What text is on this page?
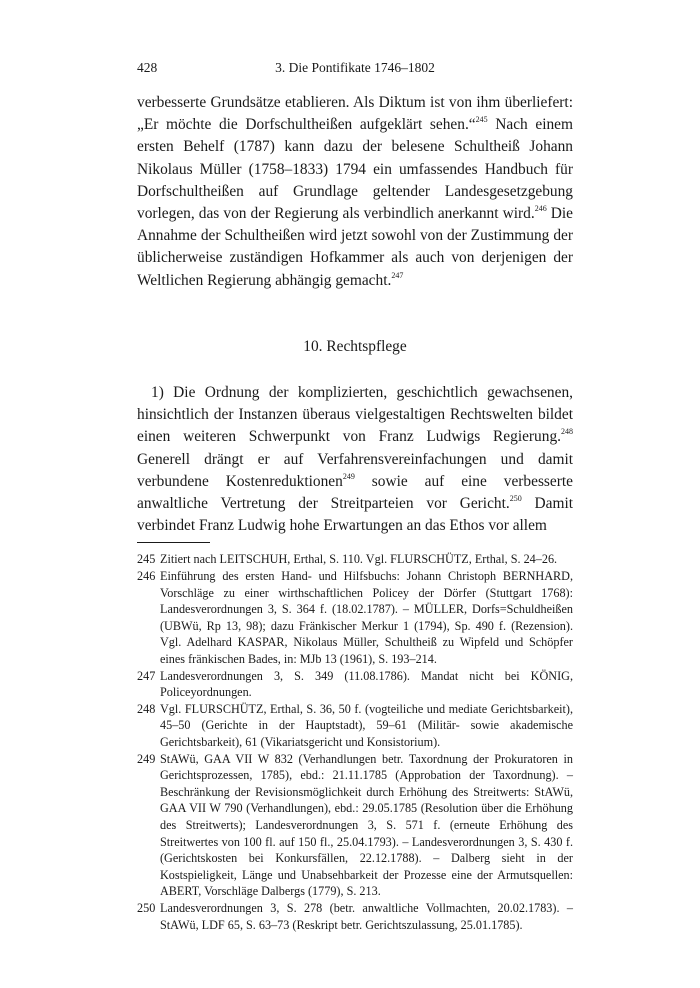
428	3. Die Pontifikate 1746–1802

verbesserte Grundsätze etablieren. Als Diktum ist von ihm überliefert: „Er möchte die Dorfschultheißen aufgeklärt sehen.“$^{245}$ Nach einem ersten Behelf (1787) kann dazu der belesene Schultheiß Johann Nikolaus Müller (1758–1833) 1794 ein umfassendes Handbuch für Dorfschultheißen auf Grundlage geltender Landesgesetzgebung vorlegen, das von der Regierung als verbindlich anerkannt wird.$^{246}$ Die Annahme der Schultheißen wird jetzt sowohl von der Zustimmung der üblicherweise zuständigen Hofkammer als auch von derjenigen der Weltlichen Regierung abhängig gemacht.$^{247}$

10. Rechtspflege

1) Die Ordnung der komplizierten, geschichtlich gewachsenen, hinsichtlich der Instanzen überaus vielgestaltigen Rechtswelten bildet einen weiteren Schwerpunkt von Franz Ludwigs Regierung.$^{248}$ Generell drängt er auf Verfahrensvereinfachungen und damit verbundene Kostenreduktionen$^{249}$ sowie auf eine verbesserte anwaltliche Vertretung der Streitparteien vor Gericht.$^{250}$ Damit verbindet Franz Ludwig hohe Erwartungen an das Ethos vor allem

245 Zitiert nach LEITSCHUH, Erthal, S. 110. Vgl. FLURSCHÜTZ, Erthal, S. 24–26.
246 Einführung des ersten Hand- und Hilfsbuchs: Johann Christoph BERNHARD, Vorschläge zu einer wirthschaftlichen Policey der Dörfer (Stuttgart 1768): Landesverordnungen 3, S. 364 f. (18.02.1787). – MÜLLER, Dorfs=Schuldheißen (UBWü, Rp 13, 98); dazu Fränkischer Merkur 1 (1794), Sp. 490 f. (Rezension). Vgl. Adelhard KASPAR, Nikolaus Müller, Schultheiß zu Wipfeld und Schöpfer eines fränkischen Bades, in: MJb 13 (1961), S. 193–214.
247 Landesverordnungen 3, S. 349 (11.08.1786). Mandat nicht bei KÖNIG, Policeyordnungen.
248 Vgl. FLURSCHÜTZ, Erthal, S. 36, 50 f. (vogteiliche und mediate Gerichtsbarkeit), 45–50 (Gerichte in der Hauptstadt), 59–61 (Militär- sowie akademische Gerichtsbarkeit), 61 (Vikariatsgericht und Konsistorium).
249 StAWü, GAA VII W 832 (Verhandlungen betr. Taxordnung der Prokuratoren in Gerichtsprozessen, 1785), ebd.: 21.11.1785 (Approbation der Taxordnung). – Beschränkung der Revisionsmöglichkeit durch Erhöhung des Streitwerts: StAWü, GAA VII W 790 (Verhandlungen), ebd.: 29.05.1785 (Resolution über die Erhöhung des Streitwerts); Landesverordnungen 3, S. 571 f. (erneute Erhöhung des Streitwertes von 100 fl. auf 150 fl., 25.04.1793). – Landesverordnungen 3, S. 430 f. (Gerichtskosten bei Konkursfällen, 22.12.1788). – Dalberg sieht in der Kostspieligkeit, Länge und Unabsehbarkeit der Prozesse eine der Armutsquellen: ABERT, Vorschläge Dalbergs (1779), S. 213.
250 Landesverordnungen 3, S. 278 (betr. anwaltliche Vollmachten, 20.02.1783). – StAWü, LDF 65, S. 63–73 (Reskript betr. Gerichtszulassung, 25.01.1785).
